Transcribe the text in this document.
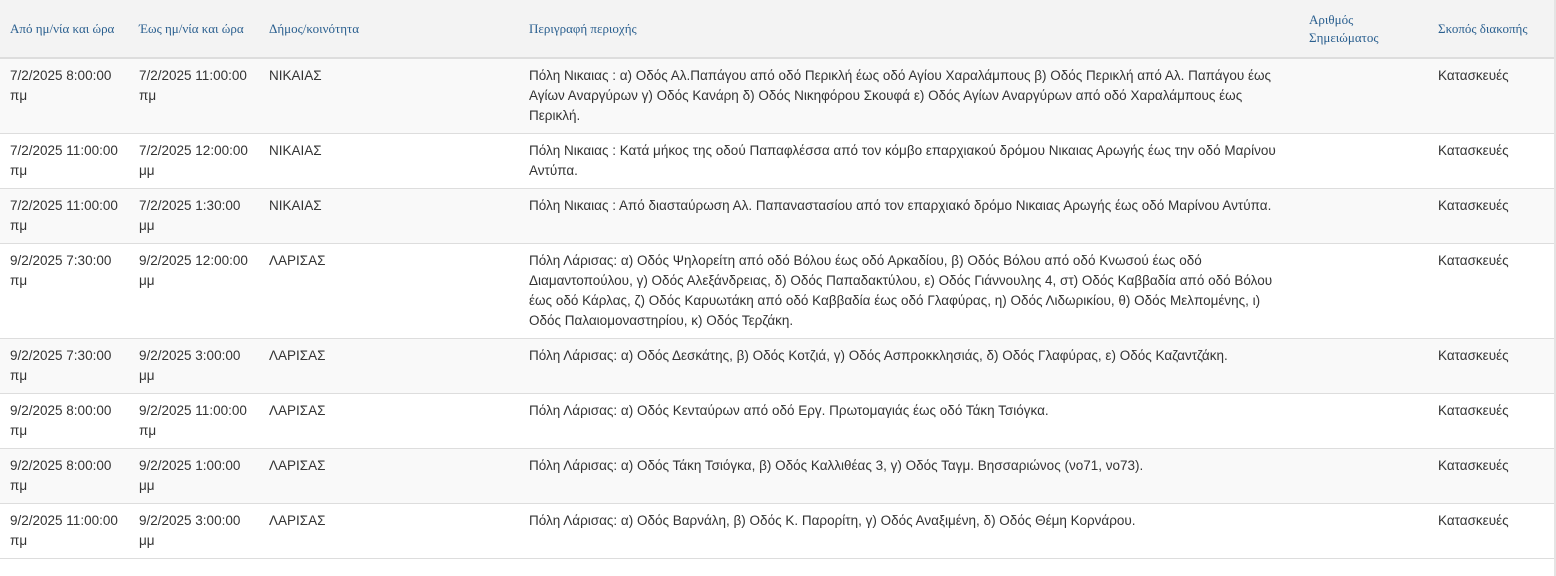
Από ημ/νία και ώρα	Έως ημ/νία και ώρα	Δήμος/κοινότητα	Περιγραφή περιοχής	Αριθμός Σημειώματος	Σκοπός διακοπής
7/2/2025 8:00:00 πμ	7/2/2025 11:00:00 πμ	ΝΙΚΑΙΑΣ	Πόλη Νικαιας : α) Οδός Αλ.Παπάγου από οδό Περικλή έως οδό Αγίου Χαραλάμπους β) Οδός Περικλή από Αλ. Παπάγου έως Αγίων Αναργύρων γ) Οδός Κανάρη δ) Οδός Νικηφόρου Σκουφά ε) Οδός Αγίων Αναργύρων από οδό Χαραλάμπους έως Περικλή.		Κατασκευές
7/2/2025 11:00:00 πμ	7/2/2025 12:00:00 μμ	ΝΙΚΑΙΑΣ	Πόλη Νικαιας : Κατά μήκος της οδού Παπαφλέσσα από τον κόμβο επαρχιακού δρόμου Νικαιας Αρωγής έως την οδό Μαρίνου Αντύπα.		Κατασκευές
7/2/2025 11:00:00 πμ	7/2/2025 1:30:00 μμ	ΝΙΚΑΙΑΣ	Πόλη Νικαιας : Από διασταύρωση Αλ. Παπαναστασίου από τον επαρχιακό δρόμο Νικαιας Αρωγής έως οδό Μαρίνου Αντύπα.		Κατασκευές
9/2/2025 7:30:00 πμ	9/2/2025 12:00:00 μμ	ΛΑΡΙΣΑΣ	Πόλη Λάρισας: α) Οδός Ψηλορείτη από οδό Βόλου έως οδό Αρκαδίου, β) Οδός Βόλου από οδό Κνωσού έως οδό Διαμαντοπούλου, γ) Οδός Αλεξάνδρειας, δ) Οδός Παπαδακτύλου, ε) Οδός Γιάννουλης 4, στ) Οδός Καββαδία από οδό Βόλου έως οδό Κάρλας, ζ) Οδός Καρυωτάκη από οδό Καββαδία έως οδό Γλαφύρας, η) Οδός Λιδωρικίου, θ) Οδός Μελπομένης, ι) Οδός Παλαιομοναστηρίου, κ) Οδός Τερζάκη.		Κατασκευές
9/2/2025 7:30:00 πμ	9/2/2025 3:00:00 μμ	ΛΑΡΙΣΑΣ	Πόλη Λάρισας: α) Οδός Δεσκάτης, β) Οδός Κοτζιά, γ) Οδός Ασπροκκλησιάς, δ) Οδός Γλαφύρας, ε) Οδός Καζαντζάκη.		Κατασκευές
9/2/2025 8:00:00 πμ	9/2/2025 11:00:00 πμ	ΛΑΡΙΣΑΣ	Πόλη Λάρισας: α) Οδός Κενταύρων από οδό Εργ. Πρωτομαγιάς έως οδό Τάκη Τσιόγκα.		Κατασκευές
9/2/2025 8:00:00 πμ	9/2/2025 1:00:00 μμ	ΛΑΡΙΣΑΣ	Πόλη Λάρισας: α) Οδός Τάκη Τσιόγκα, β) Οδός Καλλιθέας 3, γ) Οδός Ταγμ. Βησσαριώνος (νο71, νο73).		Κατασκευές
9/2/2025 11:00:00 πμ	9/2/2025 3:00:00 μμ	ΛΑΡΙΣΑΣ	Πόλη Λάρισας: α) Οδός Βαρνάλη, β) Οδός Κ. Παρορίτη, γ) Οδός Αναξιμένη, δ) Οδός Θέμη Κορνάρου.		Κατασκευές
